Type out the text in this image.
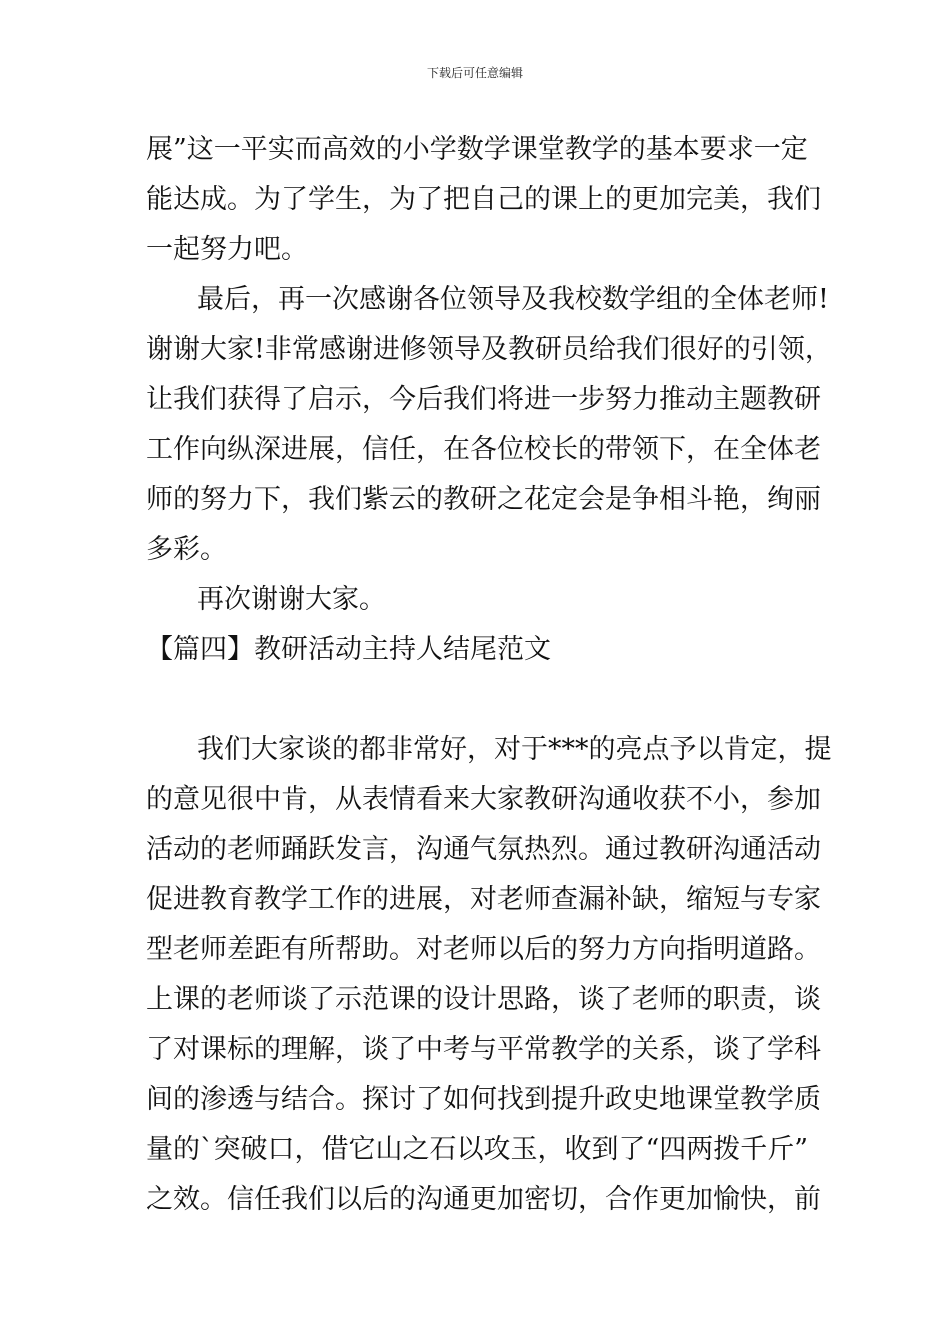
下载后可任意编辑
展”这一平实而高效的小学数学课堂教学的基本要求一定
能达成。为了学生，为了把自己的课上的更加完美，我们
一起努力吧。
最后，再一次感谢各位领导及我校数学组的全体老师!
谢谢大家!非常感谢进修领导及教研员给我们很好的引领，
让我们获得了启示，今后我们将进一步努力推动主题教研
工作向纵深进展，信任，在各位校长的带领下，在全体老
师的努力下，我们紫云的教研之花定会是争相斗艳，绚丽
多彩。
再次谢谢大家。
【篇四】教研活动主持人结尾范文
我们大家谈的都非常好，对于***的亮点予以肯定，提
的意见很中肯，从表情看来大家教研沟通收获不小，参加
活动的老师踊跃发言，沟通气氛热烈。通过教研沟通活动
促进教育教学工作的进展，对老师查漏补缺，缩短与专家
型老师差距有所帮助。对老师以后的努力方向指明道路。
上课的老师谈了示范课的设计思路，谈了老师的职责，谈
了对课标的理解，谈了中考与平常教学的关系，谈了学科
间的渗透与结合。探讨了如何找到提升政史地课堂教学质
量的`突破口，借它山之石以攻玉，收到了“四两拨千斤”
之效。信任我们以后的沟通更加密切，合作更加愉快，前
